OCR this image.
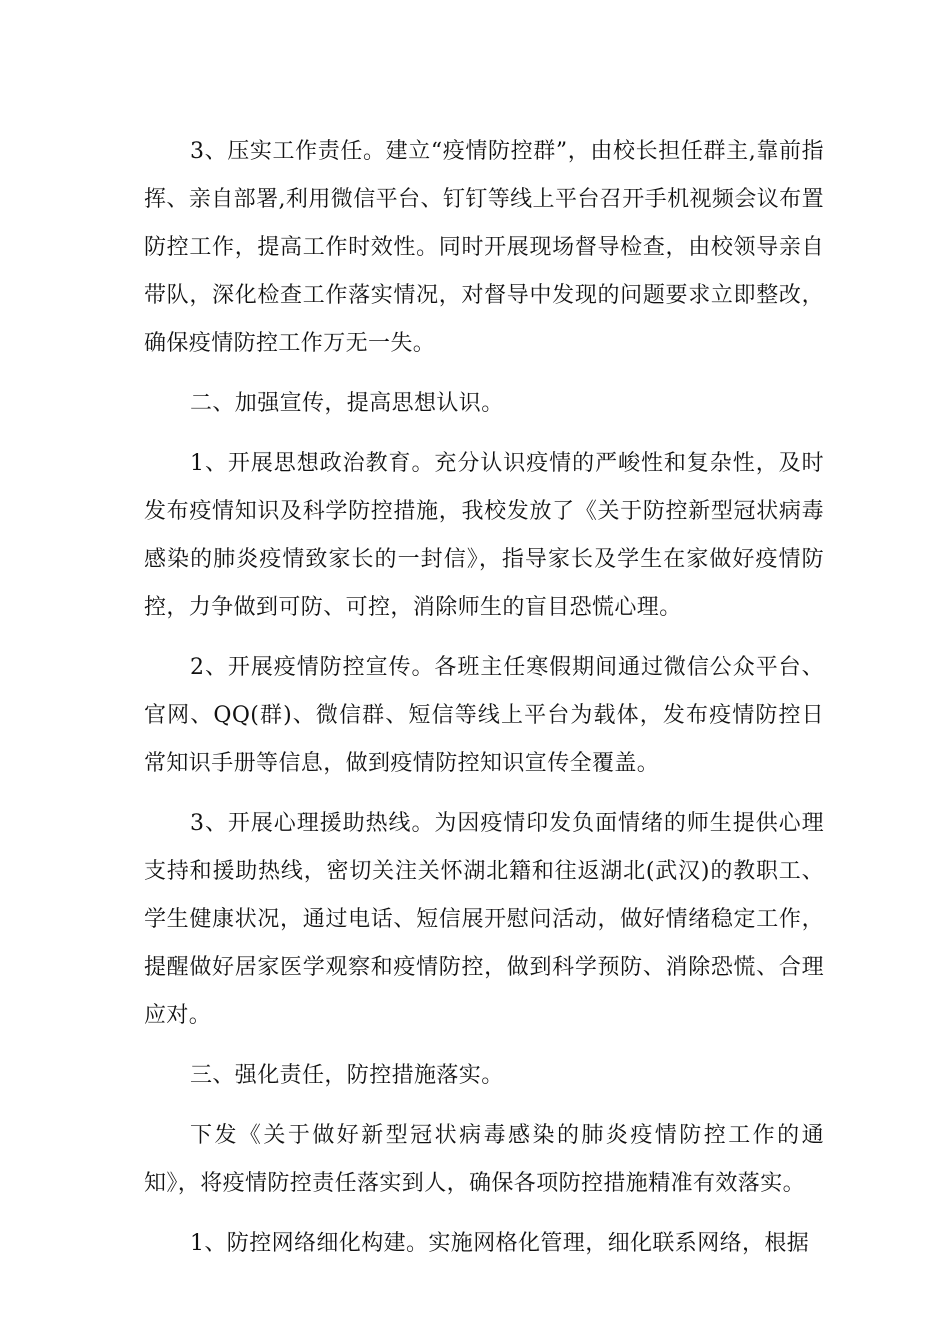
3、压实工作责任。建立“疫情防控群”，由校长担任群主,靠前指挥、亲自部署,利用微信平台、钉钉等线上平台召开手机视频会议布置防控工作，提高工作时效性。同时开展现场督导检查，由校领导亲自带队，深化检查工作落实情况，对督导中发现的问题要求立即整改，确保疫情防控工作万无一失。

二、加强宣传，提高思想认识。

1、开展思想政治教育。充分认识疫情的严峻性和复杂性，及时发布疫情知识及科学防控措施，我校发放了《关于防控新型冠状病毒感染的肺炎疫情致家长的一封信》，指导家长及学生在家做好疫情防控，力争做到可防、可控，消除师生的盲目恐慌心理。

2、开展疫情防控宣传。各班主任寒假期间通过微信公众平台、官网、QQ(群)、微信群、短信等线上平台为载体，发布疫情防控日常知识手册等信息，做到疫情防控知识宣传全覆盖。

3、开展心理援助热线。为因疫情印发负面情绪的师生提供心理支持和援助热线，密切关注关怀湖北籍和往返湖北(武汉)的教职工、学生健康状况，通过电话、短信展开慰问活动，做好情绪稳定工作，提醒做好居家医学观察和疫情防控，做到科学预防、消除恐慌、合理应对。

三、强化责任，防控措施落实。

下发《关于做好新型冠状病毒感染的肺炎疫情防控工作的通知》，将疫情防控责任落实到人，确保各项防控措施精准有效落实。

1、防控网络细化构建。实施网格化管理，细化联系网络，根据
